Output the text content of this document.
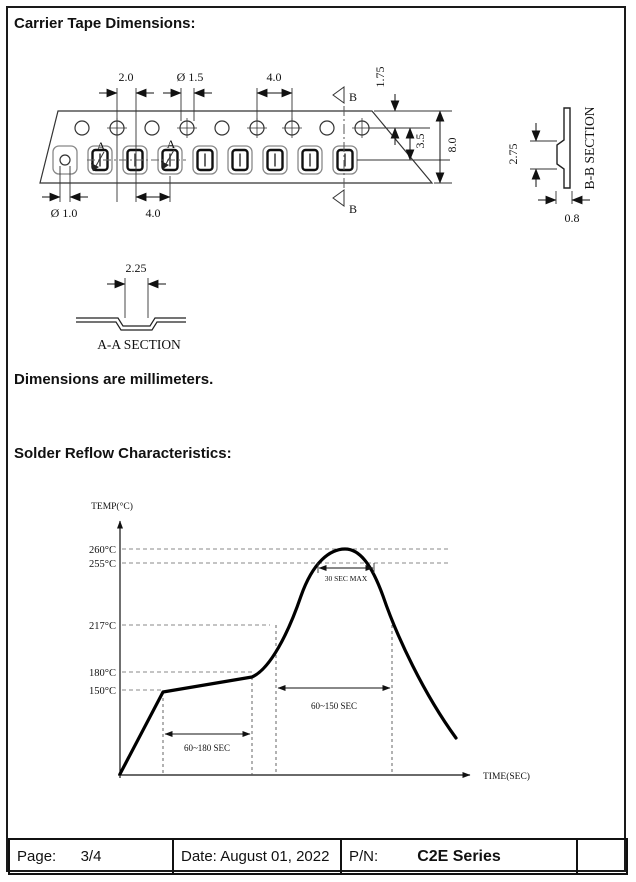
Carrier Tape Dimensions:
Dimensions are millimeters.
Solder Reflow Characteristics:
A	A
B
B
2.0	Ø 1.5	4.0
Ø 1.0	4.0
1.75
3.5 8.0	2.75
0.8
B-B SECTION
2.25
A-A SECTION
TEMP(°C)
TIME(SEC)
260°C
255°C
217°C
180°C
150°C
30 SEC MAX
60~150 SEC
60~180 SEC
Page:	3/4	Date: August 01, 2022	P/N:	C2E Series
